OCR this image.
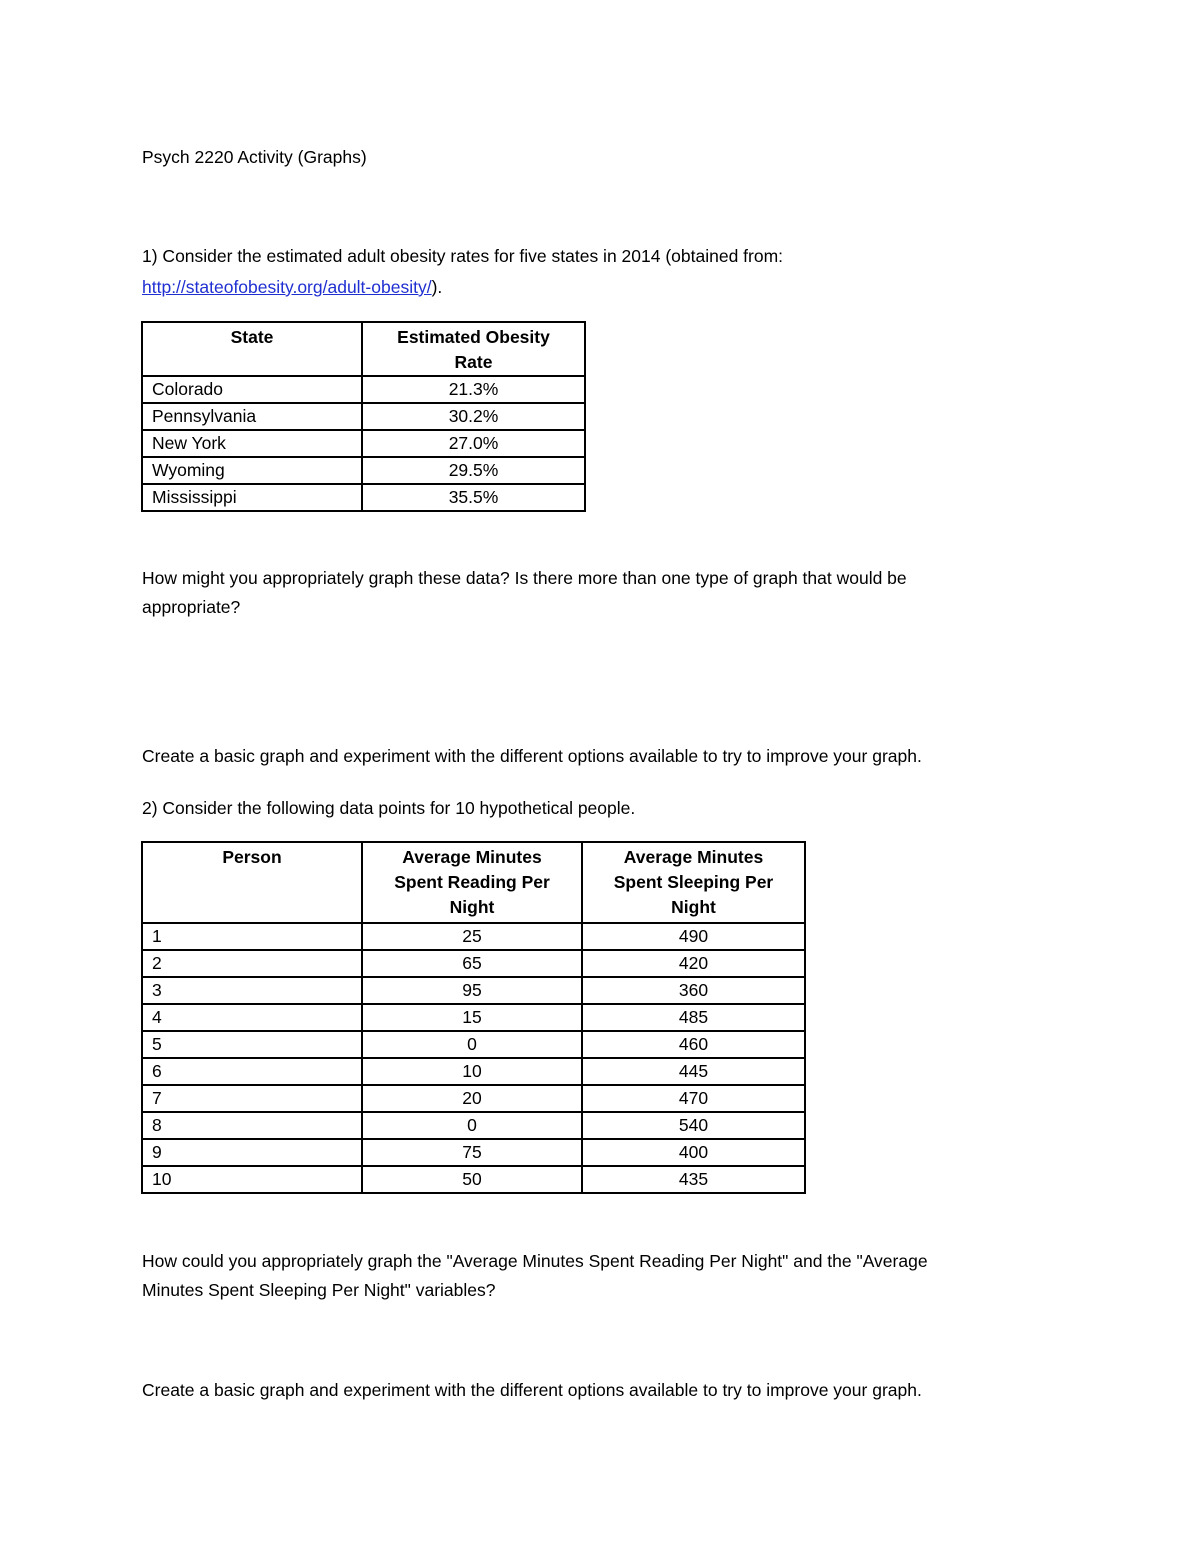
Psych 2220 Activity (Graphs)
1) Consider the estimated adult obesity rates for five states in 2014 (obtained from:
http://stateofobesity.org/adult-obesity/).
State	Estimated Obesity Rate

Colorado	21.3%
Pennsylvania	30.2%
New York	27.0%
Wyoming	29.5%
Mississippi	35.5%
How might you appropriately graph these data? Is there more than one type of graph that would be
appropriate?
Create a basic graph and experiment with the different options available to try to improve your graph.
2) Consider the following data points for 10 hypothetical people.
Person	Average Minutes Spent Reading Per Night	Average Minutes Spent Sleeping Per Night

1	25	490
2	65	420
3	95	360
4	15	485
5	0	460
6	10	445
7	20	470
8	0	540
9	75	400
10	50	435
How could you appropriately graph the "Average Minutes Spent Reading Per Night" and the "Average
Minutes Spent Sleeping Per Night" variables?
Create a basic graph and experiment with the different options available to try to improve your graph.
